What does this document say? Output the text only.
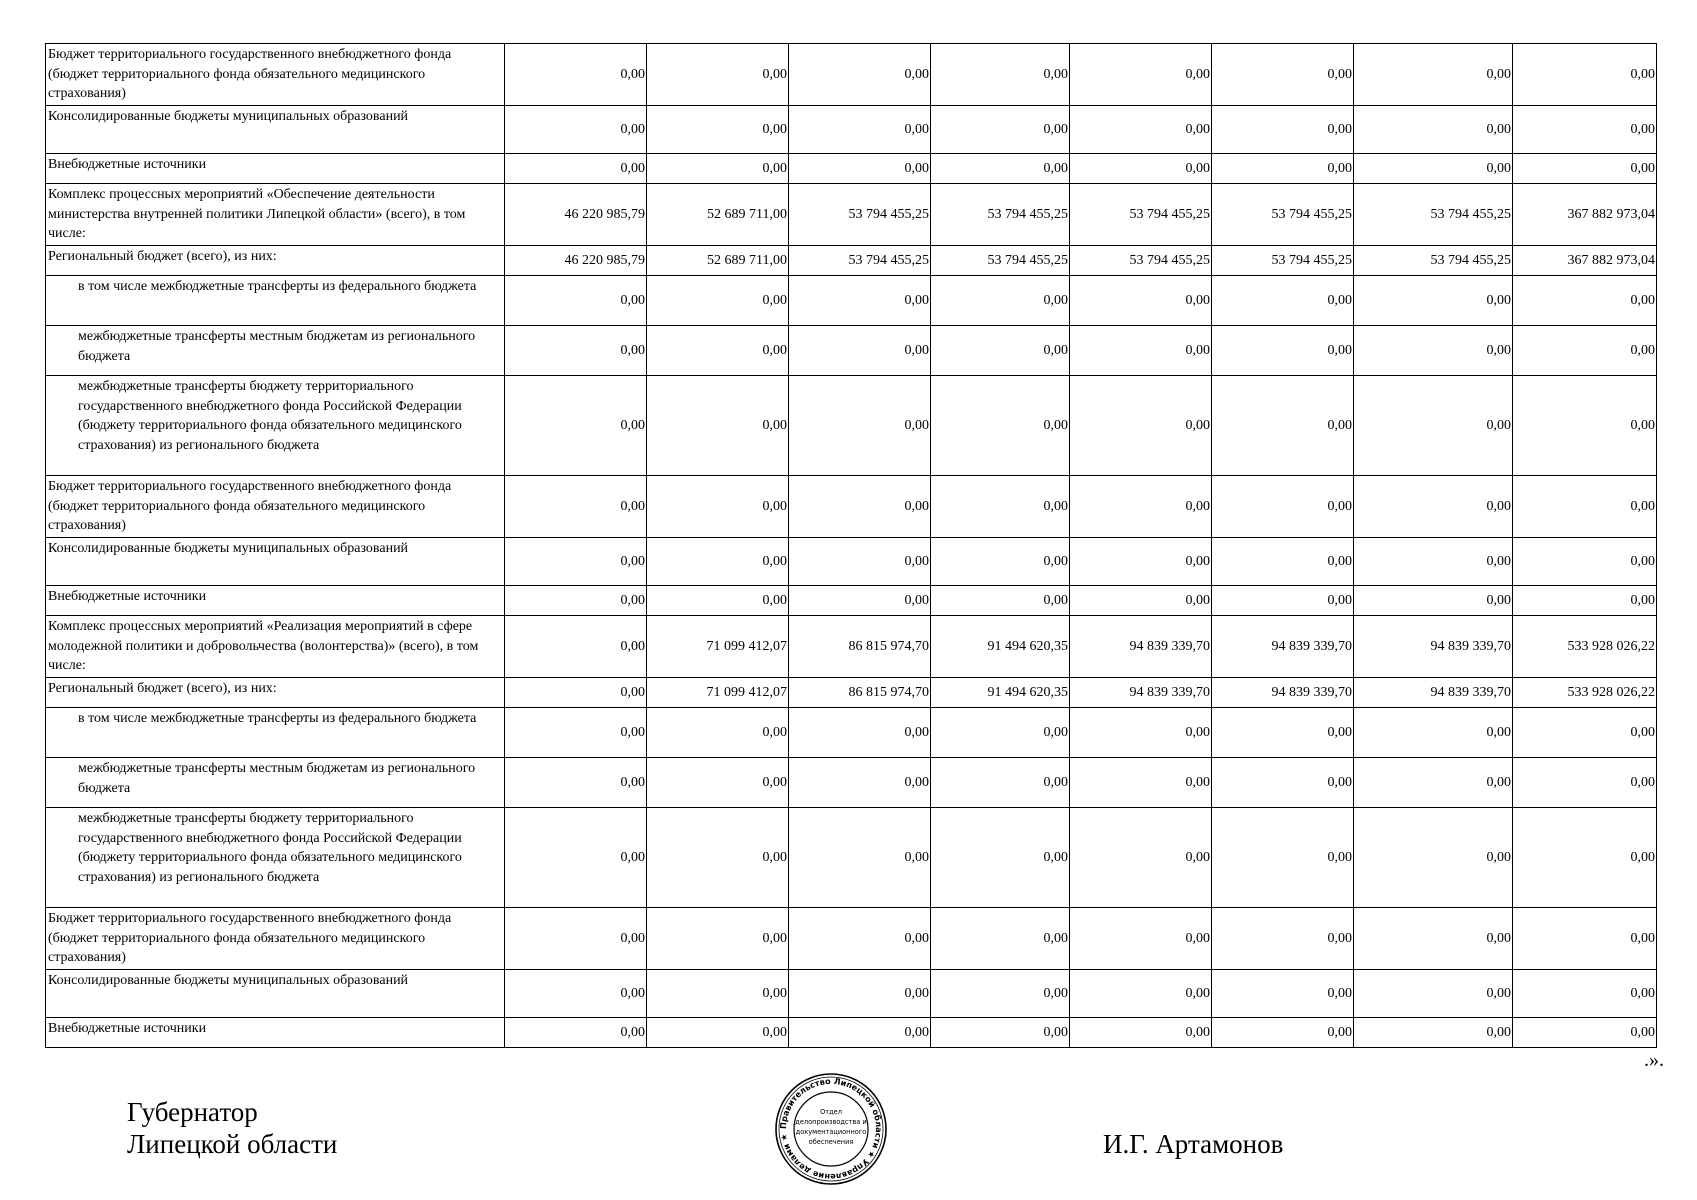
Бюджет территориального государственного внебюджетного фонда (бюджет территориального фонда обязательного медицинского страхования)	0,00	0,00	0,00	0,00	0,00	0,00	0,00	0,00
Консолидированные бюджеты муниципальных образований	0,00	0,00	0,00	0,00	0,00	0,00	0,00	0,00
Внебюджетные источники	0,00	0,00	0,00	0,00	0,00	0,00	0,00	0,00
Комплекс процессных мероприятий «Обеспечение деятельности министерства внутренней политики Липецкой области» (всего), в том числе:	46 220 985,79	52 689 711,00	53 794 455,25	53 794 455,25	53 794 455,25	53 794 455,25	53 794 455,25	367 882 973,04
Региональный бюджет (всего), из них:	46 220 985,79	52 689 711,00	53 794 455,25	53 794 455,25	53 794 455,25	53 794 455,25	53 794 455,25	367 882 973,04
в том числе межбюджетные трансферты из федерального бюджета	0,00	0,00	0,00	0,00	0,00	0,00	0,00	0,00
межбюджетные трансферты местным бюджетам из регионального бюджета	0,00	0,00	0,00	0,00	0,00	0,00	0,00	0,00
межбюджетные трансферты бюджету территориального государственного внебюджетного фонда Российской Федерации (бюджету территориального фонда обязательного медицинского страхования) из регионального бюджета	0,00	0,00	0,00	0,00	0,00	0,00	0,00	0,00
Бюджет территориального государственного внебюджетного фонда (бюджет территориального фонда обязательного медицинского страхования)	0,00	0,00	0,00	0,00	0,00	0,00	0,00	0,00
Консолидированные бюджеты муниципальных образований	0,00	0,00	0,00	0,00	0,00	0,00	0,00	0,00
Внебюджетные источники	0,00	0,00	0,00	0,00	0,00	0,00	0,00	0,00
Комплекс процессных мероприятий «Реализация мероприятий в сфере молодежной политики и добровольчества (волонтерства)» (всего), в том числе:	0,00	71 099 412,07	86 815 974,70	91 494 620,35	94 839 339,70	94 839 339,70	94 839 339,70	533 928 026,22
Региональный бюджет (всего), из них:	0,00	71 099 412,07	86 815 974,70	91 494 620,35	94 839 339,70	94 839 339,70	94 839 339,70	533 928 026,22
в том числе межбюджетные трансферты из федерального бюджета	0,00	0,00	0,00	0,00	0,00	0,00	0,00	0,00
межбюджетные трансферты местным бюджетам из регионального бюджета	0,00	0,00	0,00	0,00	0,00	0,00	0,00	0,00
межбюджетные трансферты бюджету территориального государственного внебюджетного фонда Российской Федерации (бюджету территориального фонда обязательного медицинского страхования) из регионального бюджета	0,00	0,00	0,00	0,00	0,00	0,00	0,00	0,00
Бюджет территориального государственного внебюджетного фонда (бюджет территориального фонда обязательного медицинского страхования)	0,00	0,00	0,00	0,00	0,00	0,00	0,00	0,00
Консолидированные бюджеты муниципальных образований	0,00	0,00	0,00	0,00	0,00	0,00	0,00	0,00
Внебюджетные источники	0,00	0,00	0,00	0,00	0,00	0,00	0,00	0,00
.».
Губернатор
Липецкой области
Правительство Липецкой области ★ Управление делами ★
Отдел
делопроизводства и
документационного
обеспечения	И.Г. Артамонов
